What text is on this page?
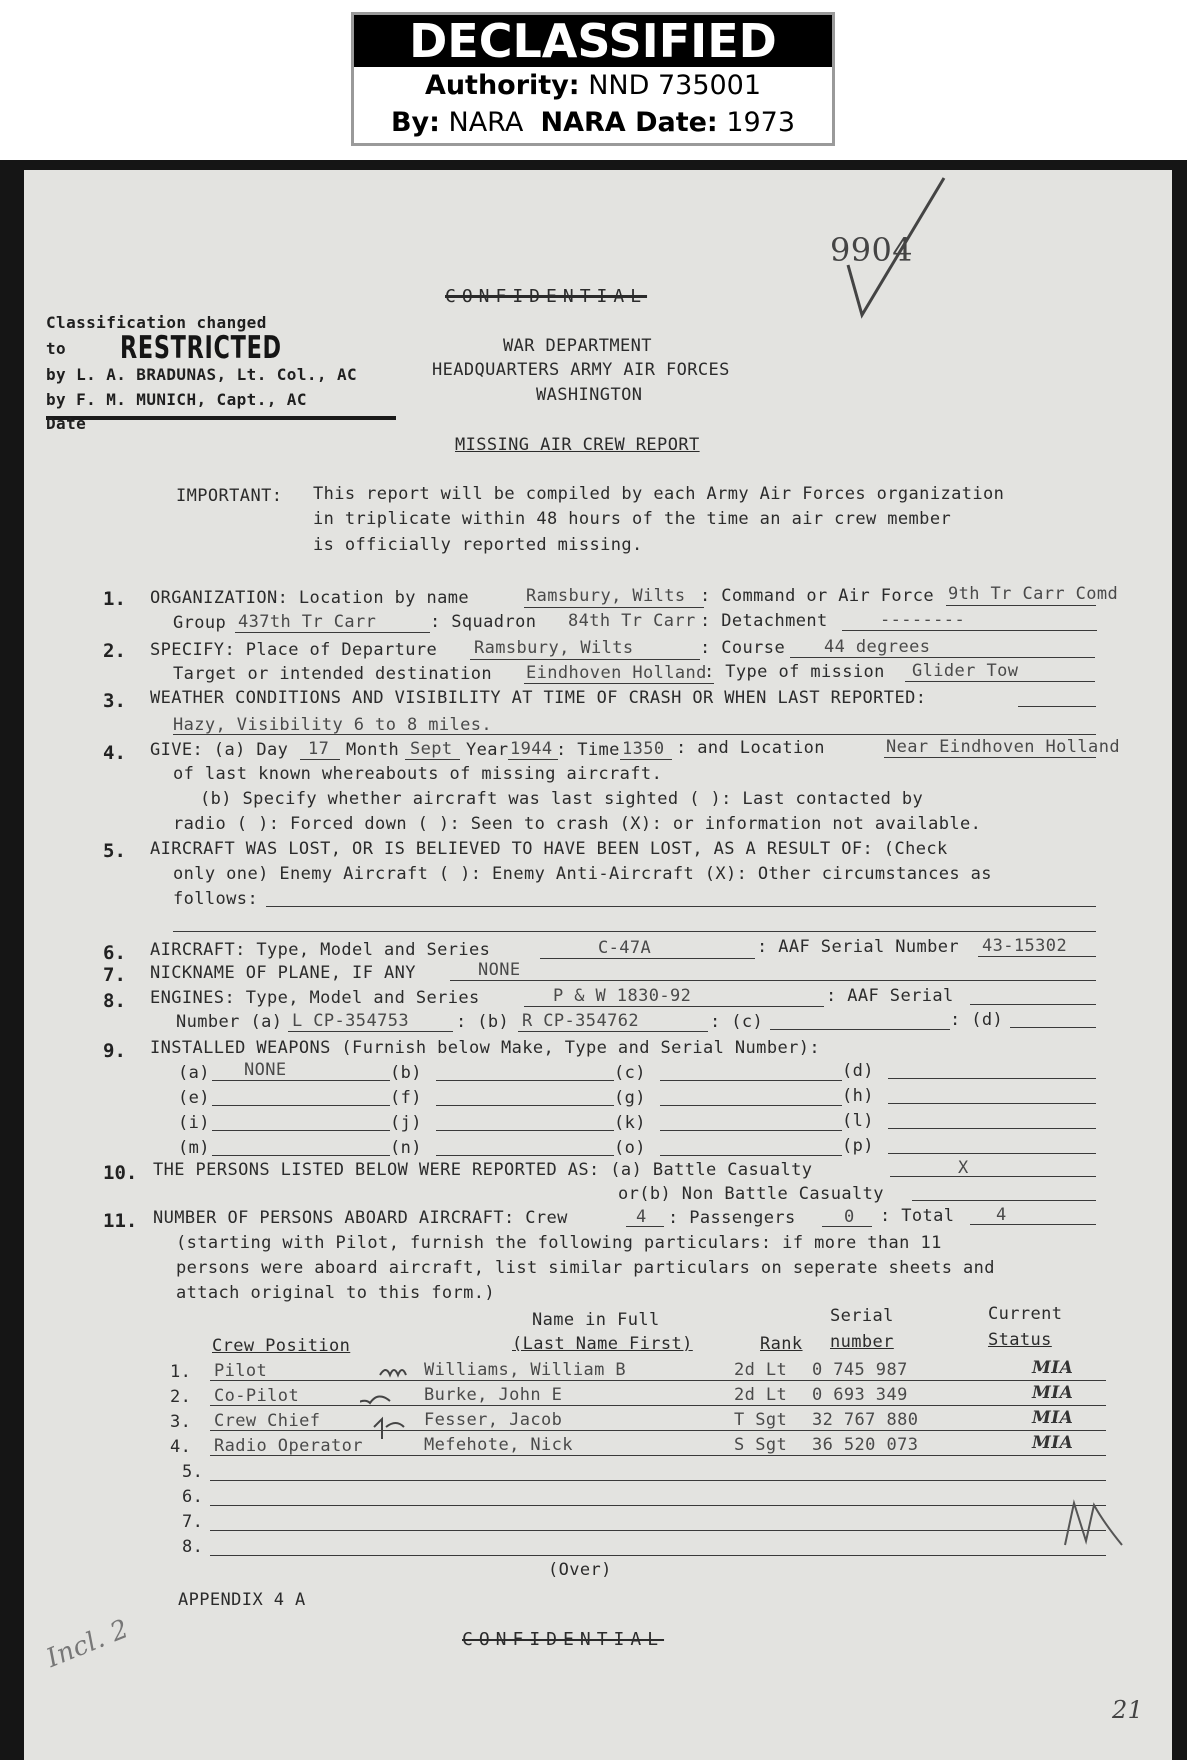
DECLASSIFIED
Authority: NND 735001
By: NARA NARA Date: 1973
9904
CONFIDENTIAL
Classification changed
to RESTRICTED
by L. A. BRADUNAS, Lt. Col., AC
by F. M. MUNICH, Capt., AC
Date
WAR DEPARTMENT
HEADQUARTERS ARMY AIR FORCES
WASHINGTON
MISSING AIR CREW REPORT
IMPORTANT: This report will be compiled by each Army Air Forces organization
in triplicate within 48 hours of the time an air crew member
is officially reported missing.
1. ORGANIZATION: Location by name	Ramsbury, Wilts : Command or Air Force 9th Tr Carr Comd
Group 437th Tr Carr	: Squadron 84th Tr Carr : Detachment	--------
2. SPECIFY: Place of Departure Ramsbury, Wilts	: Course 44 degrees
Target or intended destination Eindhoven Holland
: Type of mission Glider Tow
3. WEATHER CONDITIONS AND VISIBILITY AT TIME OF CRASH OR WHEN LAST REPORTED:
Hazy, Visibility 6 to 8 miles.
4. GIVE: (a) Day 17 Month Sept Year 1944 : Time 1350 : and Location	Near Eindhoven Holland
of last known whereabouts of missing aircraft.
(b) Specify whether aircraft was last sighted ( ): Last contacted by
radio ( ): Forced down ( ): Seen to crash (X): or information not available.
5. AIRCRAFT WAS LOST, OR IS BELIEVED TO HAVE BEEN LOST, AS A RESULT OF: (Check
only one) Enemy Aircraft ( ): Enemy Anti-Aircraft (X): Other circumstances as
follows:
6. AIRCRAFT: Type, Model and Series	C-47A	: AAF Serial Number 43-15302
7. NICKNAME OF PLANE, IF ANY	NONE
8. ENGINES: Type, Model and Series	P & W 1830-92	: AAF Serial
Number (a) L CP-354753	: (b) R CP-354762	: (c)	: (d)
9. INSTALLED WEAPONS (Furnish below Make, Type and Serial Number):
(a) NONE	(b)	(c)	(d)
(e)	(f)	(g)	(h)
(i)	(j)	(k)	(l)
(m)	(n)	(o)	(p)
10. THE PERSONS LISTED BELOW WERE REPORTED AS: (a) Battle Casualty	X
or(b) Non Battle Casualty
11. NUMBER OF PERSONS ABOARD AIRCRAFT: Crew	4 : Passengers	0 : Total 4
(starting with Pilot, furnish the following particulars: if more than 11
persons were aboard aircraft, list similar particulars on seperate sheets and
attach original to this form.)
Name in Full
(Last Name First)
Crew Position	Rank
Serial
number
Current
Status
1. Pilot	Williams, William B	2d Lt 0 745 987	MIA
2. Co-Pilot	Burke, John E	2d Lt 0 693 349	MIA
3. Crew Chief	Fesser, Jacob	T Sgt 32 767 880	MIA
4. Radio Operator	Mefehote, Nick	S Sgt 36 520 073	MIA
5.
6.
7.
8.
(Over)
APPENDIX 4 A
CONFIDENTIAL
Incl. 2
21
